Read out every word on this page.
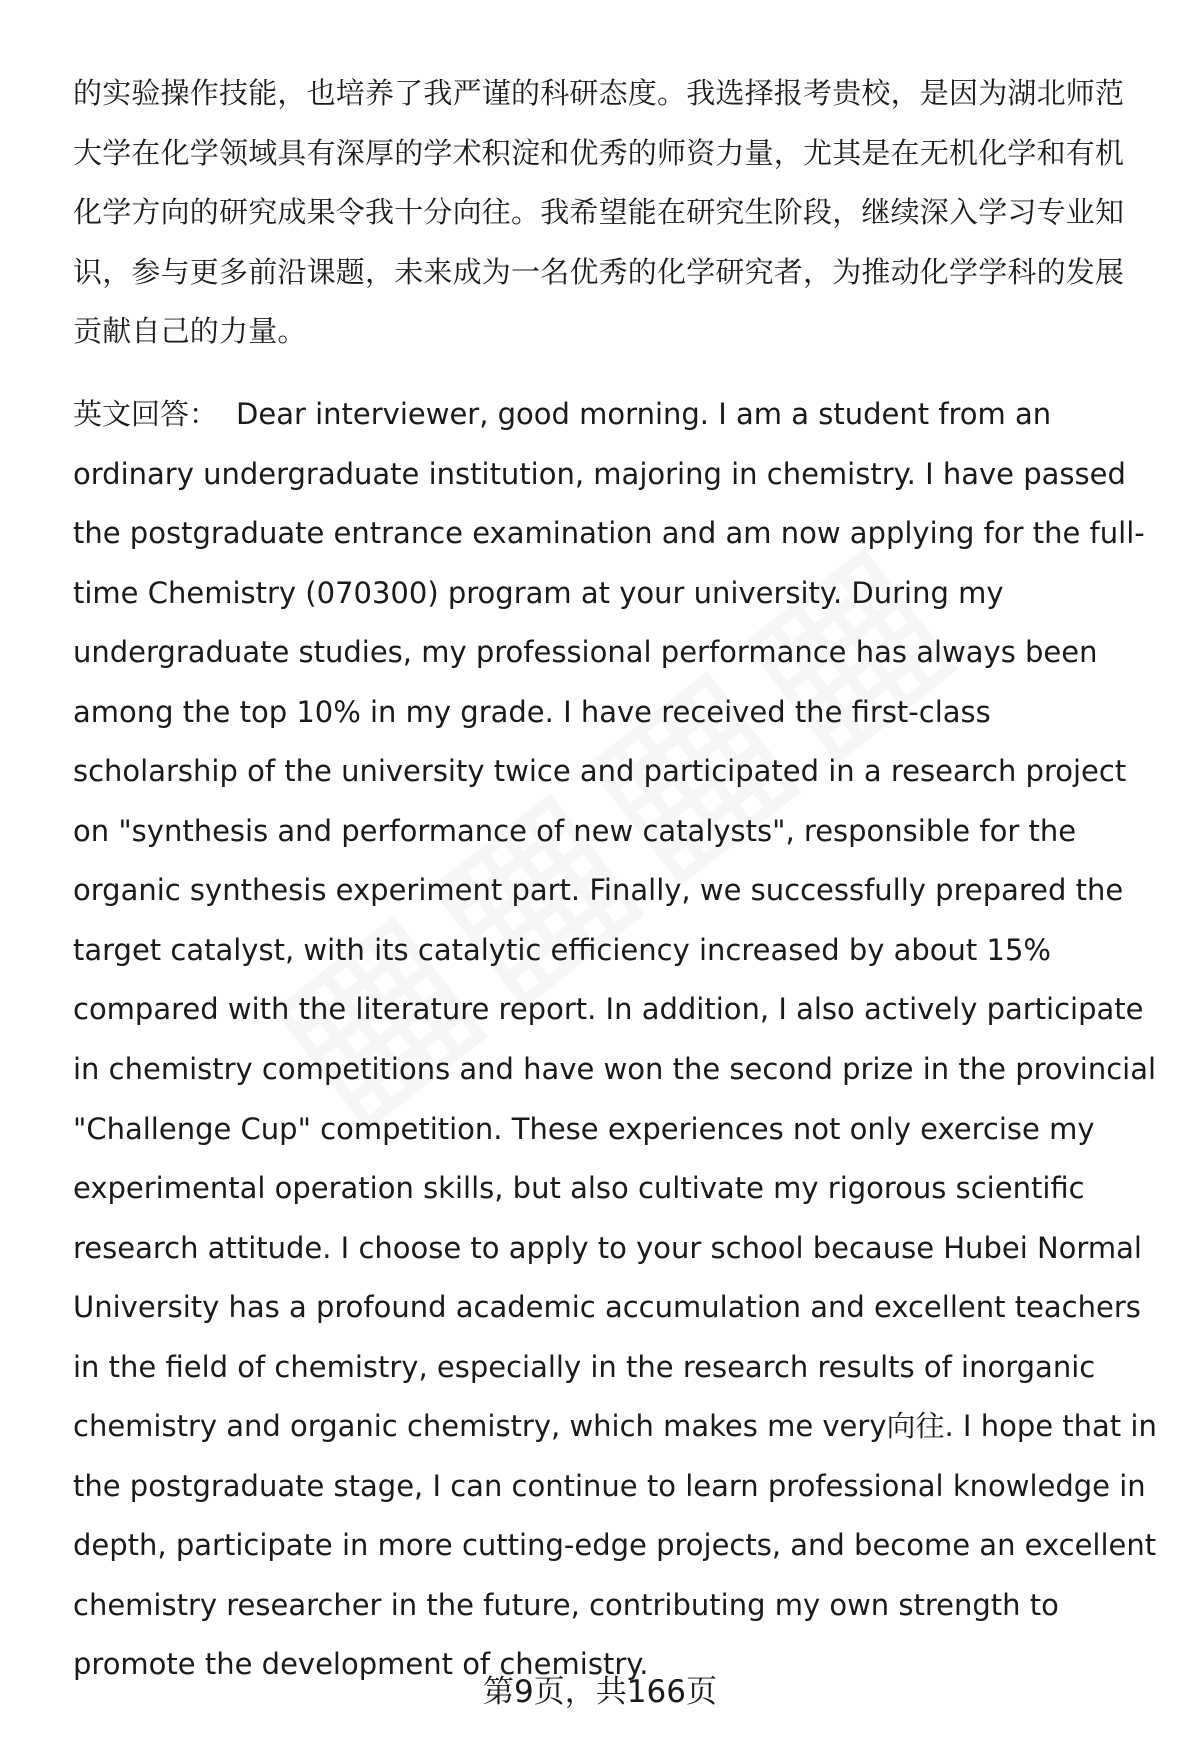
的实验操作技能，也培养了我严谨的科研态度。我选择报考贵校，是因为湖北师范大学在化学领域具有深厚的学术积淀和优秀的师资力量，尤其是在无机化学和有机化学方向的研究成果令我十分向往。我希望能在研究生阶段，继续深入学习专业知识，参与更多前沿课题，未来成为一名优秀的化学研究者，为推动化学学科的发展贡献自己的力量。

英文回答： Dear interviewer, good morning. I am a student from an ordinary undergraduate institution, majoring in chemistry. I have passed the postgraduate entrance examination and am now applying for the full-time Chemistry (070300) program at your university. During my undergraduate studies, my professional performance has always been among the top 10% in my grade. I have received the first-class scholarship of the university twice and participated in a research project on "synthesis and performance of new catalysts", responsible for the organic synthesis experiment part. Finally, we successfully prepared the target catalyst, with its catalytic efficiency increased by about 15% compared with the literature report. In addition, I also actively participate in chemistry competitions and have won the second prize in the provincial "Challenge Cup" competition. These experiences not only exercise my experimental operation skills, but also cultivate my rigorous scientific research attitude. I choose to apply to your school because Hubei Normal University has a profound academic accumulation and excellent teachers in the field of chemistry, especially in the research results of inorganic chemistry and organic chemistry, which makes me very向往. I hope that in the postgraduate stage, I can continue to learn professional knowledge in depth, participate in more cutting-edge projects, and become an excellent chemistry researcher in the future, contributing my own strength to promote the development of chemistry.

第9页，共166页
